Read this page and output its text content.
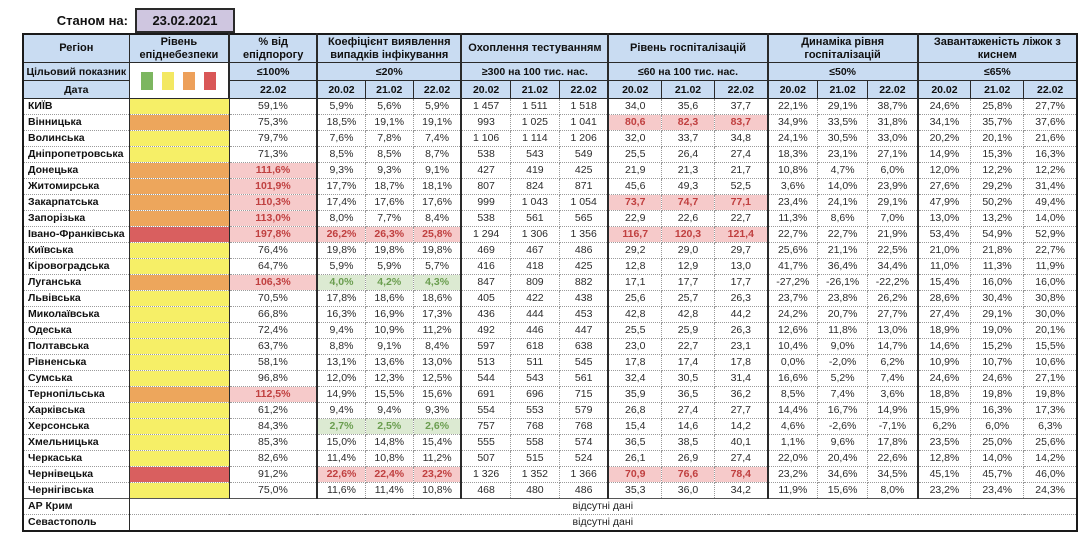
Станом на:	23.02.2021
Регіон	Рівень епіднебезпеки	% від епідпорогу	Коефіцієнт виявлення випадків інфікування			Охоплення тестуванням			Рівень госпіталізацій			Динаміка рівня госпіталізацій			Завантаженість ліжок з киснем		
Цільовий показник		≤100%	≤20%			≥300 на 100 тис. нас.			≤60 на 100 тис. нас.			≤50%			≤65%		
Дата		22.02	20.02	21.02	22.02	20.02	21.02	22.02	20.02	21.02	22.02	20.02	21.02	22.02	20.02	21.02	22.02
КИЇВ		59,1%	5,9%	5,6%	5,9%	1 457	1 511	1 518	34,0	35,6	37,7	22,1%	29,1%	38,7%	24,6%	25,8%	27,7%
Вінницька		75,3%	18,5%	19,1%	19,1%	993	1 025	1 041	80,6	82,3	83,7	34,9%	33,5%	31,8%	34,1%	35,7%	37,6%
Волинська		79,7%	7,6%	7,8%	7,4%	1 106	1 114	1 206	32,0	33,7	34,8	24,1%	30,5%	33,0%	20,2%	20,1%	21,6%
Дніпропетровська		71,3%	8,5%	8,5%	8,7%	538	543	549	25,5	26,4	27,4	18,3%	23,1%	27,1%	14,9%	15,3%	16,3%
Донецька		111,6%	9,3%	9,3%	9,1%	427	419	425	21,9	21,3	21,7	10,8%	4,7%	6,0%	12,0%	12,2%	12,2%
Житомирська		101,9%	17,7%	18,7%	18,1%	807	824	871	45,6	49,3	52,5	3,6%	14,0%	23,9%	27,6%	29,2%	31,4%
Закарпатська		110,3%	17,4%	17,6%	17,6%	999	1 043	1 054	73,7	74,7	77,1	23,4%	24,1%	29,1%	47,9%	50,2%	49,4%
Запорізька		113,0%	8,0%	7,7%	8,4%	538	561	565	22,9	22,6	22,7	11,3%	8,6%	7,0%	13,0%	13,2%	14,0%
Івано-Франківська		197,8%	26,2%	26,3%	25,8%	1 294	1 306	1 356	116,7	120,3	121,4	22,7%	22,7%	21,9%	53,4%	54,9%	52,9%
Київська		76,4%	19,8%	19,8%	19,8%	469	467	486	29,2	29,0	29,7	25,6%	21,1%	22,5%	21,0%	21,8%	22,7%
Кіровоградська		64,7%	5,9%	5,9%	5,7%	416	418	425	12,8	12,9	13,0	41,7%	36,4%	34,4%	11,0%	11,3%	11,9%
Луганська		106,3%	4,0%	4,2%	4,3%	847	809	882	17,1	17,7	17,7	-27,2%	-26,1%	-22,2%	15,4%	16,0%	16,0%
Львівська		70,5%	17,8%	18,6%	18,6%	405	422	438	25,6	25,7	26,3	23,7%	23,8%	26,2%	28,6%	30,4%	30,8%
Миколаївська		66,8%	16,3%	16,9%	17,3%	436	444	453	42,8	42,8	44,2	24,2%	20,7%	27,7%	27,4%	29,1%	30,0%
Одеська		72,4%	9,4%	10,9%	11,2%	492	446	447	25,5	25,9	26,3	12,6%	11,8%	13,0%	18,9%	19,0%	20,1%
Полтавська		63,7%	8,8%	9,1%	8,4%	597	618	638	23,0	22,7	23,1	10,4%	9,0%	14,7%	14,6%	15,2%	15,5%
Рівненська		58,1%	13,1%	13,6%	13,0%	513	511	545	17,8	17,4	17,8	0,0%	-2,0%	6,2%	10,9%	10,7%	10,6%
Сумська		96,8%	12,0%	12,3%	12,5%	544	543	561	32,4	30,5	31,4	16,6%	5,2%	7,4%	24,6%	24,6%	27,1%
Тернопільська		112,5%	14,9%	15,5%	15,6%	691	696	715	35,9	36,5	36,2	8,5%	7,4%	3,6%	18,8%	19,8%	19,8%
Харківська		61,2%	9,4%	9,4%	9,3%	554	553	579	26,8	27,4	27,7	14,4%	16,7%	14,9%	15,9%	16,3%	17,3%
Херсонська		84,3%	2,7%	2,5%	2,6%	757	768	768	15,4	14,6	14,2	4,6%	-2,6%	-7,1%	6,2%	6,0%	6,3%
Хмельницька		85,3%	15,0%	14,8%	15,4%	555	558	574	36,5	38,5	40,1	1,1%	9,6%	17,8%	23,5%	25,0%	25,6%
Черкаська		82,6%	11,4%	10,8%	11,2%	507	515	524	26,1	26,9	27,4	22,0%	20,4%	22,6%	12,8%	14,0%	14,2%
Чернівецька		91,2%	22,6%	22,4%	23,2%	1 326	1 352	1 366	70,9	76,6	78,4	23,2%	34,6%	34,5%	45,1%	45,7%	46,0%
Чернігівська		75,0%	11,6%	11,4%	10,8%	468	480	486	35,3	36,0	34,2	11,9%	15,6%	8,0%	23,2%	23,4%	24,3%
АР Крим	відсутні дані																
Севастополь	відсутні дані																
